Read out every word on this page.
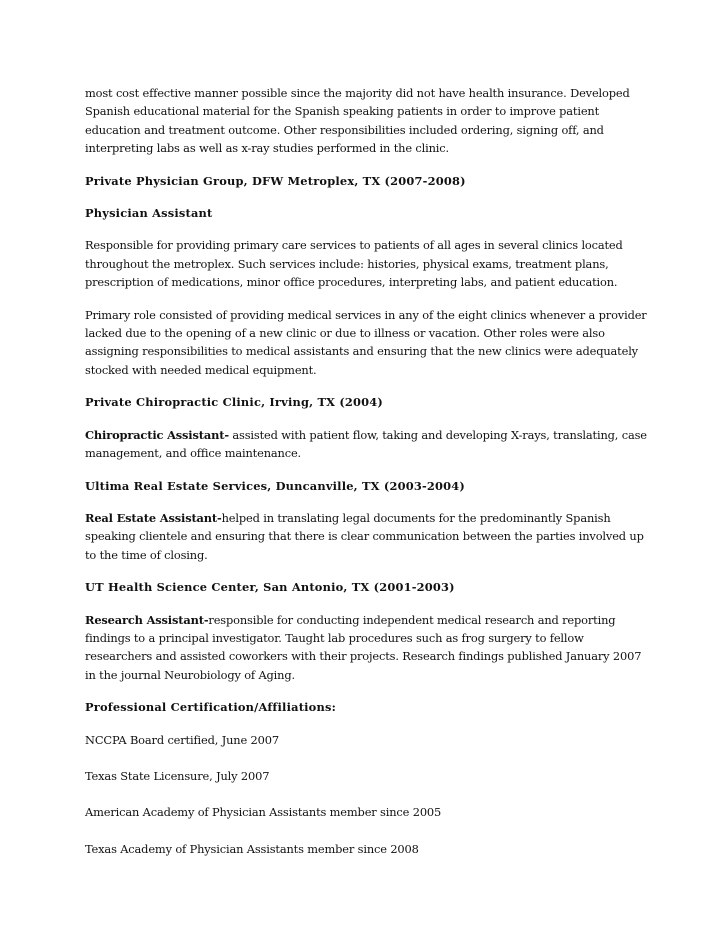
most cost effective manner possible since the majority did not have health insurance. Developed Spanish educational material for the Spanish speaking patients in order to improve patient education and treatment outcome. Other responsibilities included ordering, signing off, and interpreting labs as well as x-ray studies performed in the clinic.

Private Physician Group, DFW Metroplex, TX (2007-2008)

Physician Assistant

Responsible for providing primary care services to patients of all ages in several clinics located throughout the metroplex. Such services include: histories, physical exams, treatment plans, prescription of medications, minor office procedures, interpreting labs, and patient education.

Primary role consisted of providing medical services in any of the eight clinics whenever a provider lacked due to the opening of a new clinic or due to illness or vacation. Other roles were also assigning responsibilities to medical assistants and ensuring that the new clinics were adequately stocked with needed medical equipment.

Private Chiropractic Clinic, Irving, TX (2004)

Chiropractic Assistant- assisted with patient flow, taking and developing X-rays, translating, case management, and office maintenance.

Ultima Real Estate Services, Duncanville, TX (2003-2004)

Real Estate Assistant-helped in translating legal documents for the predominantly Spanish speaking clientele and ensuring that there is clear communication between the parties involved up to the time of closing.

UT Health Science Center, San Antonio, TX (2001-2003)

Research Assistant-responsible for conducting independent medical research and reporting findings to a principal investigator. Taught lab procedures such as frog surgery to fellow researchers and assisted coworkers with their projects. Research findings published January 2007 in the journal Neurobiology of Aging.

Professional Certification/Affiliations:

NCCPA Board certified, June 2007

Texas State Licensure, July 2007

American Academy of Physician Assistants member since 2005

Texas Academy of Physician Assistants member since 2008
